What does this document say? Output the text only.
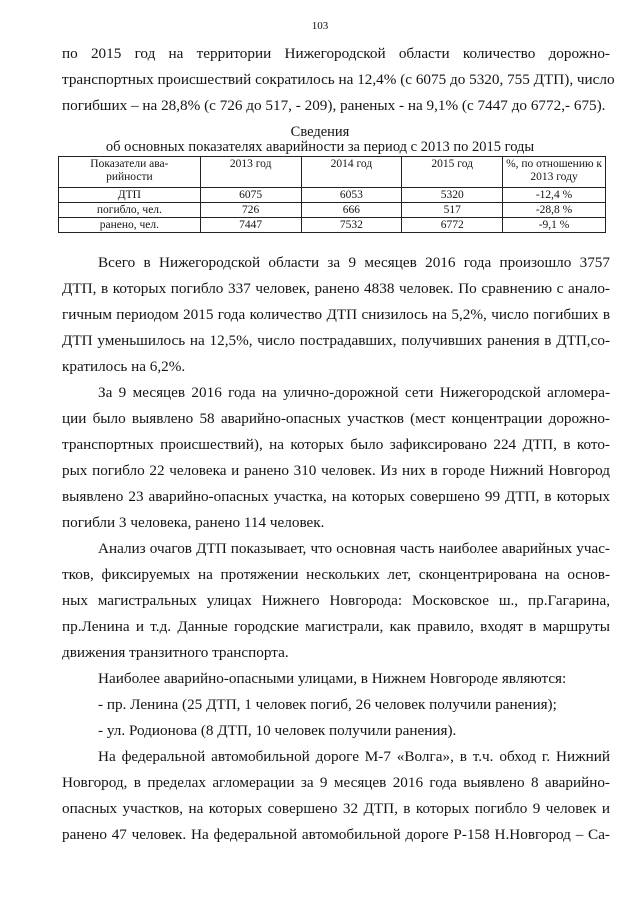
103
по 2015 год на территории Нижегородской области количество дорожно-
транспортных происшествий сократилось на 12,4% (с 6075 до 5320, 755 ДТП), число
погибших – на 28,8% (с 726 до 517, - 209), раненых - на 9,1% (с 7447 до 6772,- 675).
Сведения
об основных показателях аварийности за период с 2013 по 2015 годы
Показатели ава-
рийности	2013 год	2014 год	2015 год	%, по отношению к
2013 году
ДТП	6075	6053	5320	-12,4 %
погибло, чел.	726	666	517	-28,8 %
ранено, чел.	7447	7532	6772	-9,1 %
Всего в Нижегородской области за 9 месяцев 2016 года произошло 3757
ДТП, в которых погибло 337 человек, ранено 4838 человек. По сравнению с анало-
гичным периодом 2015 года количество ДТП снизилось на 5,2%, число погибших в
ДТП уменьшилось на 12,5%, число пострадавших, получивших ранения в ДТП,со-
кратилось на 6,2%.
За 9 месяцев 2016 года на улично-дорожной сети Нижегородской агломера-
ции было выявлено 58 аварийно-опасных участков (мест концентрации дорожно-
транспортных происшествий), на которых было зафиксировано 224 ДТП, в кото-
рых погибло 22 человека и ранено 310 человек. Из них в городе Нижний Новгород
выявлено 23 аварийно-опасных участка, на которых совершено 99 ДТП, в которых
погибли 3 человека, ранено 114 человек.
Анализ очагов ДТП показывает, что основная часть наиболее аварийных учас-
тков, фиксируемых на протяжении нескольких лет, сконцентрирована на основ-
ных магистральных улицах Нижнего Новгорода: Московское ш., пр.Гагарина,
пр.Ленина и т.д. Данные городские магистрали, как правило, входят в маршруты
движения транзитного транспорта.
Наиболее аварийно-опасными улицами, в Нижнем Новгороде являются:
- пр. Ленина (25 ДТП, 1 человек погиб, 26 человек получили ранения);
- ул. Родионова (8 ДТП, 10 человек получили ранения).
На федеральной автомобильной дороге М-7 «Волга», в т.ч. обход г. Нижний
Новгород, в пределах агломерации за 9 месяцев 2016 года выявлено 8 аварийно-
опасных участков, на которых совершено 32 ДТП, в которых погибло 9 человек и
ранено 47 человек. На федеральной автомобильной дороге Р-158 Н.Новгород – Са-
